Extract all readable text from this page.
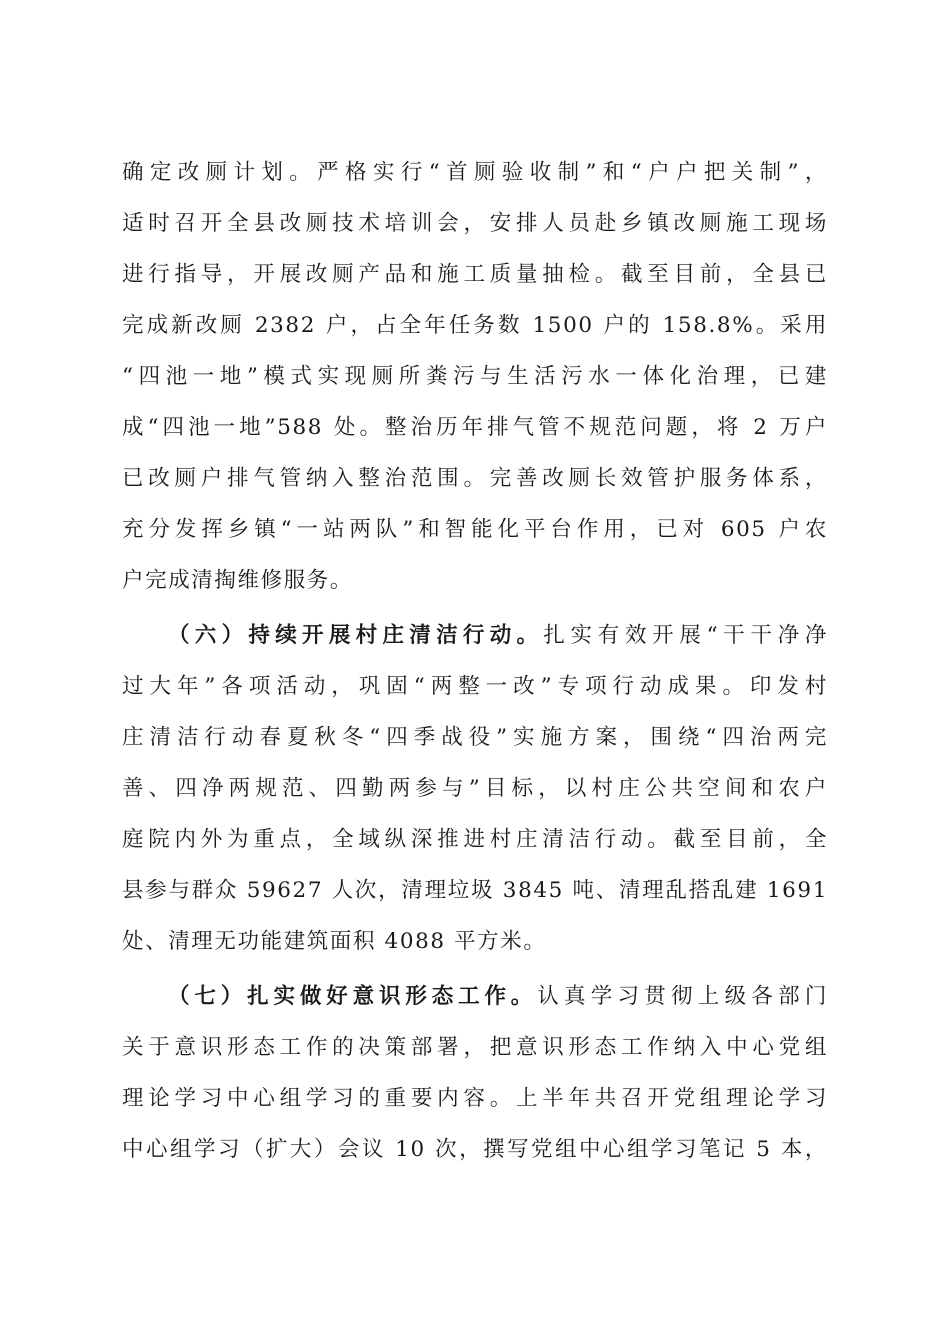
确定改厕计划。严格实行“首厕验收制”和“户户把关制”，
适时召开全县改厕技术培训会，安排人员赴乡镇改厕施工现场
进行指导，开展改厕产品和施工质量抽检。截至目前，全县已
完成新改厕 2382 户，占全年任务数 1500 户的 158.8%。采用
“四池一地”模式实现厕所粪污与生活污水一体化治理，已建
成“四池一地”588 处。整治历年排气管不规范问题，将 2 万户
已改厕户排气管纳入整治范围。完善改厕长效管护服务体系，
充分发挥乡镇“一站两队”和智能化平台作用，已对 605 户农
户完成清掏维修服务。
（六）持续开展村庄清洁行动。扎实有效开展“干干净净
过大年”各项活动，巩固“两整一改”专项行动成果。印发村
庄清洁行动春夏秋冬“四季战役”实施方案，围绕“四治两完
善、四净两规范、四勤两参与”目标，以村庄公共空间和农户
庭院内外为重点，全域纵深推进村庄清洁行动。截至目前，全
县参与群众 59627 人次，清理垃圾 3845 吨、清理乱搭乱建 1691
处、清理无功能建筑面积 4088 平方米。
（七）扎实做好意识形态工作。认真学习贯彻上级各部门
关于意识形态工作的决策部署，把意识形态工作纳入中心党组
理论学习中心组学习的重要内容。上半年共召开党组理论学习
中心组学习（扩大）会议 10 次，撰写党组中心组学习笔记 5 本，
